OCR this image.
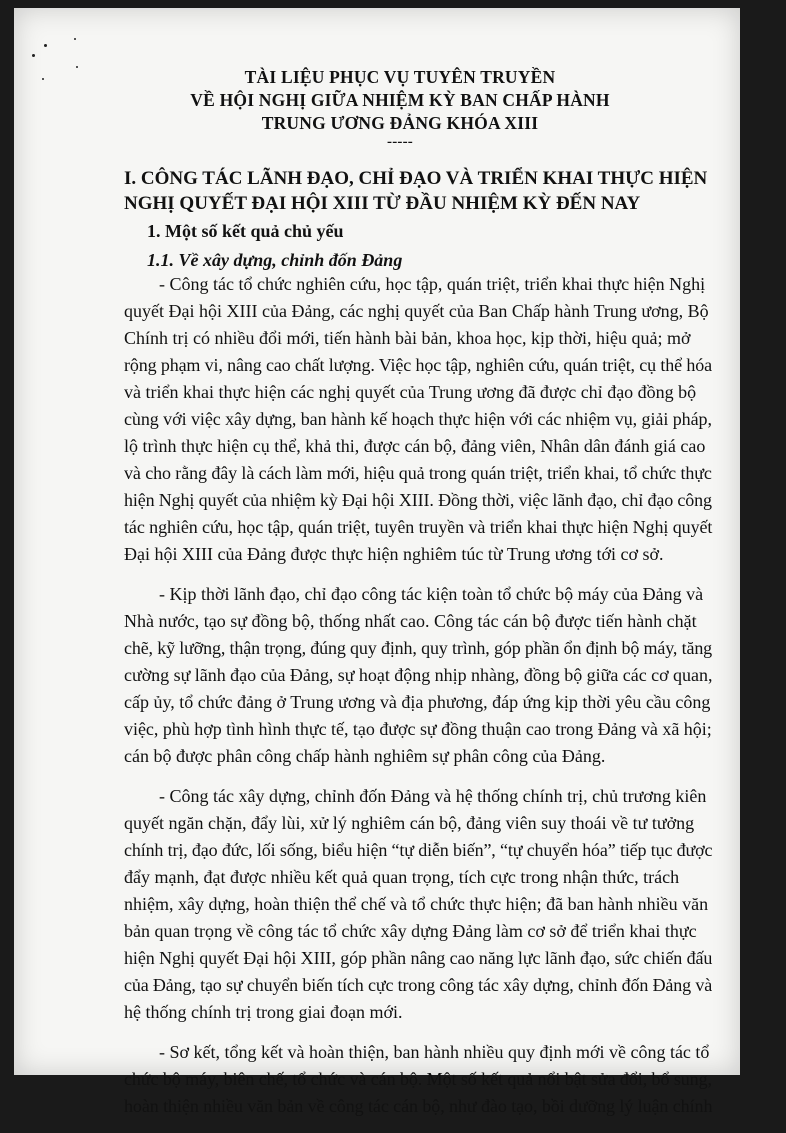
TÀI LIỆU PHỤC VỤ TUYÊN TRUYỀN
VỀ HỘI NGHỊ GIỮA NHIỆM KỲ BAN CHẤP HÀNH
TRUNG ƯƠNG ĐẢNG KHÓA XIII
-----
I. CÔNG TÁC LÃNH ĐẠO, CHỈ ĐẠO VÀ TRIỂN KHAI THỰC HIỆN
NGHỊ QUYẾT ĐẠI HỘI XIII TỪ ĐẦU NHIỆM KỲ ĐẾN NAY
1. Một số kết quả chủ yếu
1.1. Về xây dựng, chỉnh đốn Đảng
- Công tác tổ chức nghiên cứu, học tập, quán triệt, triển khai thực hiện Nghị
quyết Đại hội XIII của Đảng, các nghị quyết của Ban Chấp hành Trung ương, Bộ
Chính trị có nhiều đổi mới, tiến hành bài bản, khoa học, kịp thời, hiệu quả; mở
rộng phạm vi, nâng cao chất lượng. Việc học tập, nghiên cứu, quán triệt, cụ thể hóa
và triển khai thực hiện các nghị quyết của Trung ương đã được chỉ đạo đồng bộ
cùng với việc xây dựng, ban hành kế hoạch thực hiện với các nhiệm vụ, giải pháp,
lộ trình thực hiện cụ thể, khả thi, được cán bộ, đảng viên, Nhân dân đánh giá cao
và cho rằng đây là cách làm mới, hiệu quả trong quán triệt, triển khai, tổ chức thực
hiện Nghị quyết của nhiệm kỳ Đại hội XIII. Đồng thời, việc lãnh đạo, chỉ đạo công
tác nghiên cứu, học tập, quán triệt, tuyên truyền và triển khai thực hiện Nghị quyết
Đại hội XIII của Đảng được thực hiện nghiêm túc từ Trung ương tới cơ sở.
- Kịp thời lãnh đạo, chỉ đạo công tác kiện toàn tổ chức bộ máy của Đảng và
Nhà nước, tạo sự đồng bộ, thống nhất cao. Công tác cán bộ được tiến hành chặt
chẽ, kỹ lưỡng, thận trọng, đúng quy định, quy trình, góp phần ổn định bộ máy, tăng
cường sự lãnh đạo của Đảng, sự hoạt động nhịp nhàng, đồng bộ giữa các cơ quan,
cấp ủy, tổ chức đảng ở Trung ương và địa phương, đáp ứng kịp thời yêu cầu công
việc, phù hợp tình hình thực tế, tạo được sự đồng thuận cao trong Đảng và xã hội;
cán bộ được phân công chấp hành nghiêm sự phân công của Đảng.
- Công tác xây dựng, chỉnh đốn Đảng và hệ thống chính trị, chủ trương kiên
quyết ngăn chặn, đẩy lùi, xử lý nghiêm cán bộ, đảng viên suy thoái về tư tưởng
chính trị, đạo đức, lối sống, biểu hiện “tự diễn biến”, “tự chuyển hóa” tiếp tục được
đẩy mạnh, đạt được nhiều kết quả quan trọng, tích cực trong nhận thức, trách
nhiệm, xây dựng, hoàn thiện thể chế và tổ chức thực hiện; đã ban hành nhiều văn
bản quan trọng về công tác tổ chức xây dựng Đảng làm cơ sở để triển khai thực
hiện Nghị quyết Đại hội XIII, góp phần nâng cao năng lực lãnh đạo, sức chiến đấu
của Đảng, tạo sự chuyển biến tích cực trong công tác xây dựng, chỉnh đốn Đảng và
hệ thống chính trị trong giai đoạn mới.
- Sơ kết, tổng kết và hoàn thiện, ban hành nhiều quy định mới về công tác tổ
chức bộ máy, biên chế, tổ chức và cán bộ. Một số kết quả nổi bật sửa đổi, bổ sung,
hoàn thiện nhiều văn bản về công tác cán bộ, như đào tạo, bồi dưỡng lý luận chính
